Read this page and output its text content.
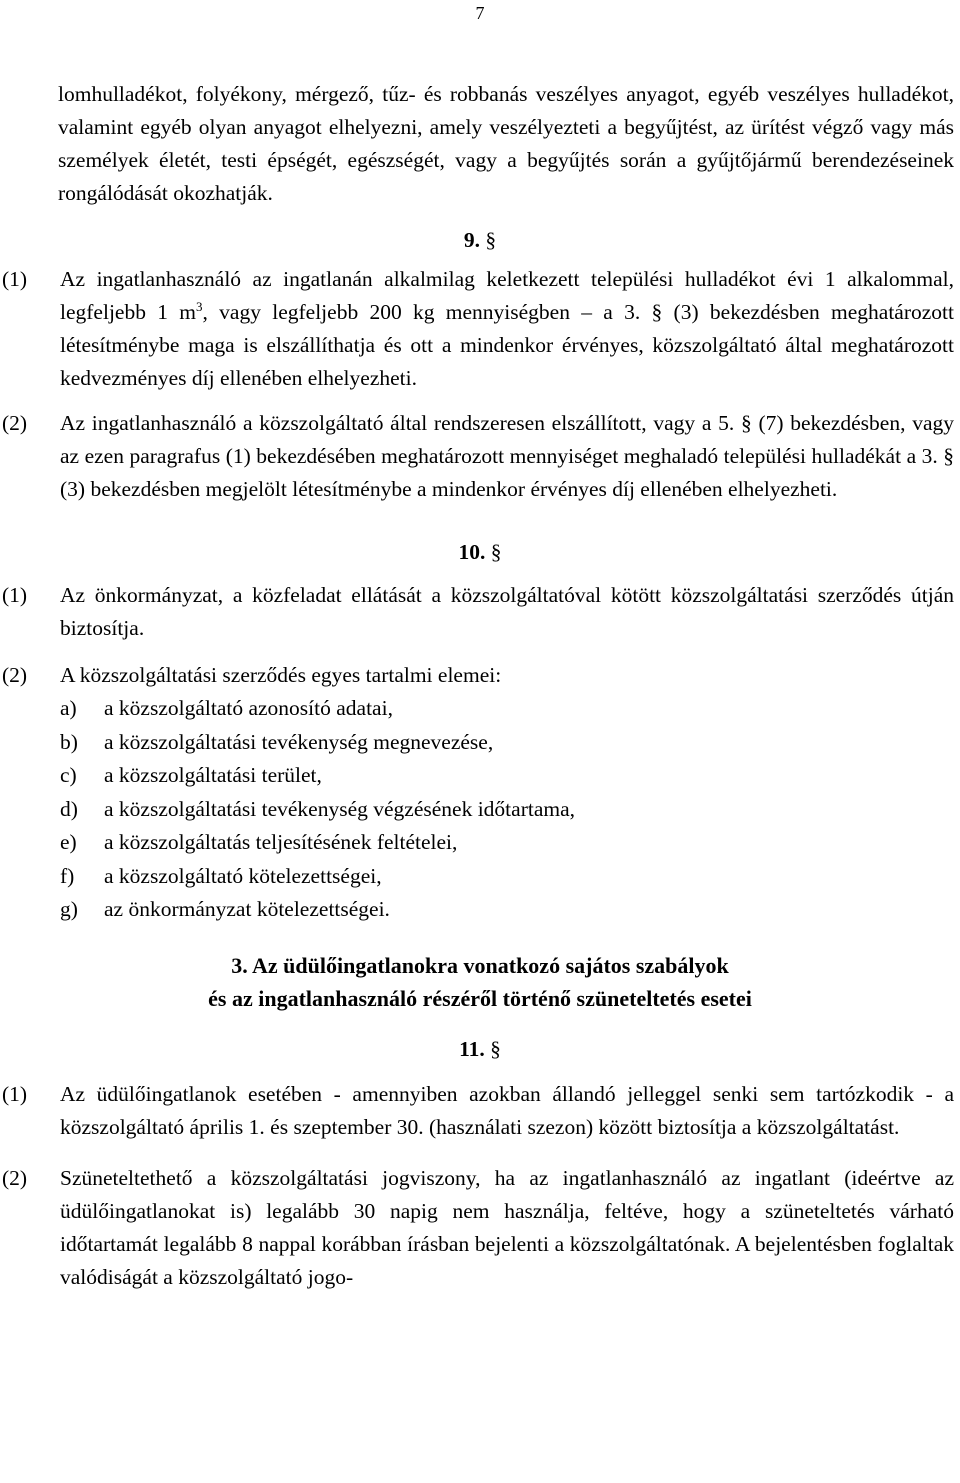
7

lomhulladékot, folyékony, mérgező, tűz- és robbanás veszélyes anyagot, egyéb veszélyes hulladékot, valamint egyéb olyan anyagot elhelyezni, amely veszélyezteti a begyűjtést, az ürítést végző vagy más személyek életét, testi épségét, egészségét, vagy a begyűjtés során a gyűjtőjármű berendezéseinek rongálódását okozhatják.

9. §
(1) Az ingatlanhasználó az ingatlanán alkalmilag keletkezett települési hulladékot évi 1 alkalommal, legfeljebb 1 $m^3$, vagy legfeljebb 200 kg mennyiségben – a 3. § (3) bekezdésben meghatározott létesítménybe maga is elszállíthatja és ott a mindenkor érvényes, közszolgáltató által meghatározott kedvezményes díj ellenében elhelyezheti.
(2) Az ingatlanhasználó a közszolgáltató által rendszeresen elszállított, vagy a 5. § (7) bekezdésben, vagy az ezen paragrafus (1) bekezdésében meghatározott mennyiséget meghaladó települési hulladékát a 3. § (3) bekezdésben megjelölt létesítménybe a mindenkor érvényes díj ellenében elhelyezheti.
10. §
(1) Az önkormányzat, a közfeladat ellátását a közszolgáltatóval kötött közszolgáltatási szerződés útján biztosítja.
(2) A közszolgáltatási szerződés egyes tartalmi elemei:
a) a közszolgáltató azonosító adatai,
b) a közszolgáltatási tevékenység megnevezése,
c) a közszolgáltatási terület,
d) a közszolgáltatási tevékenység végzésének időtartama,
e) a közszolgáltatás teljesítésének feltételei,
f) a közszolgáltató kötelezettségei,
g) az önkormányzat kötelezettségei.
3. Az üdülőingatlanokra vonatkozó sajátos szabályok
és az ingatlanhasználó részéről történő szüneteltetés esetei
11. §
(1) Az üdülőingatlanok esetében - amennyiben azokban állandó jelleggel senki sem tartózkodik - a közszolgáltató április 1. és szeptember 30. (használati szezon) között biztosítja a közszolgáltatást.
(2) Szüneteltethető a közszolgáltatási jogviszony, ha az ingatlanhasználó az ingatlant (ideértve az üdülőingatlanokat is) legalább 30 napig nem használja, feltéve, hogy a szüneteltetés várható időtartamát legalább 8 nappal korábban írásban bejelenti a közszolgáltatónak. A bejelentésben foglaltak valódiságát a közszolgáltató jogo-
